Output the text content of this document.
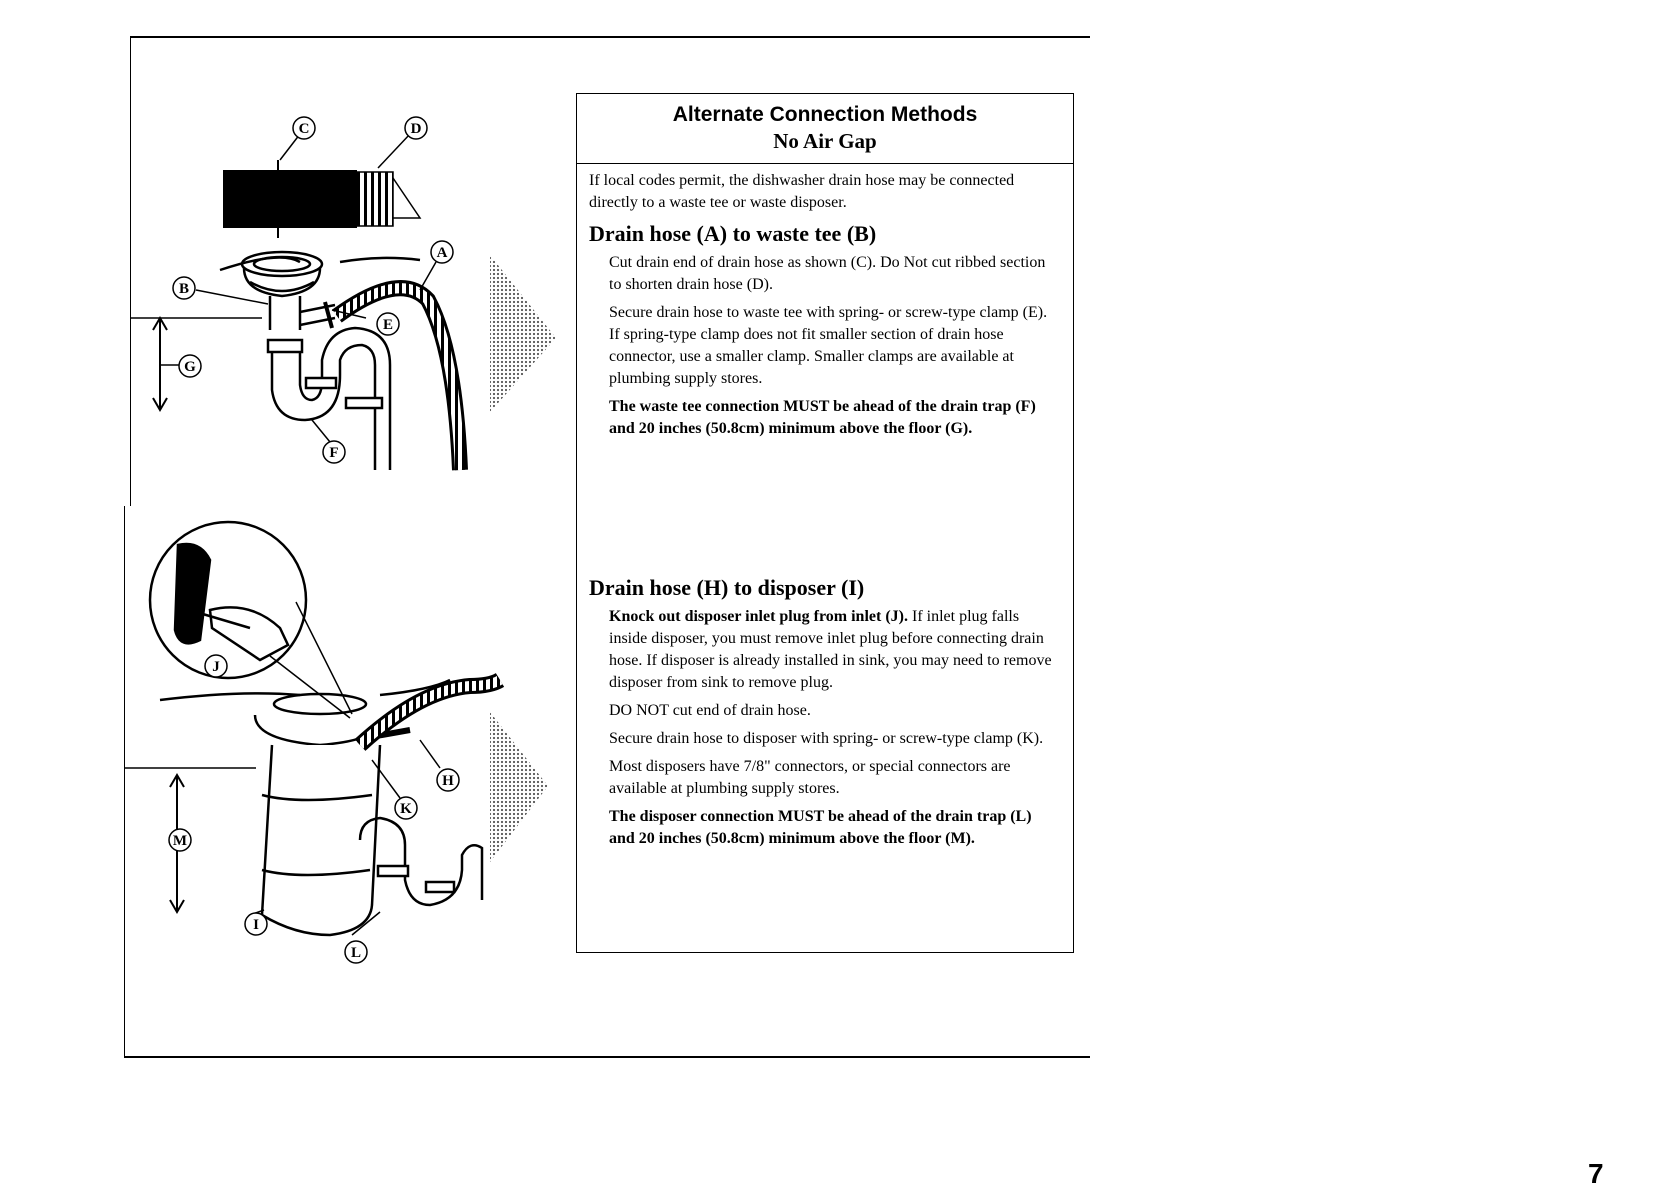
C	D
A
B
E
G
F
J
H
K
M
I
L
Alternate Connection Methods
No Air Gap

If local codes permit, the dishwasher drain hose may be connected directly to a waste tee or waste disposer.

Drain hose (A) to waste tee (B)

Cut drain end of drain hose as shown (C). Do Not cut ribbed section to shorten drain hose (D).

Secure drain hose to waste tee with spring- or screw-type clamp (E). If spring-type clamp does not fit smaller section of drain hose connector, use a smaller clamp. Smaller clamps are available at plumbing supply stores.

The waste tee connection MUST be ahead of the drain trap (F) and 20 inches (50.8cm) minimum above the floor (G).

Drain hose (H) to disposer (I)

Knock out disposer inlet plug from inlet (J). If inlet plug falls inside disposer, you must remove inlet plug before connecting drain hose. If disposer is already installed in sink, you may need to remove disposer from sink to remove plug.

DO NOT cut end of drain hose.

Secure drain hose to disposer with spring- or screw-type clamp (K).

Most disposers have 7/8" connectors, or special connectors are available at plumbing supply stores.

The disposer connection MUST be ahead of the drain trap (L) and 20 inches (50.8cm) minimum above the floor (M).

7
